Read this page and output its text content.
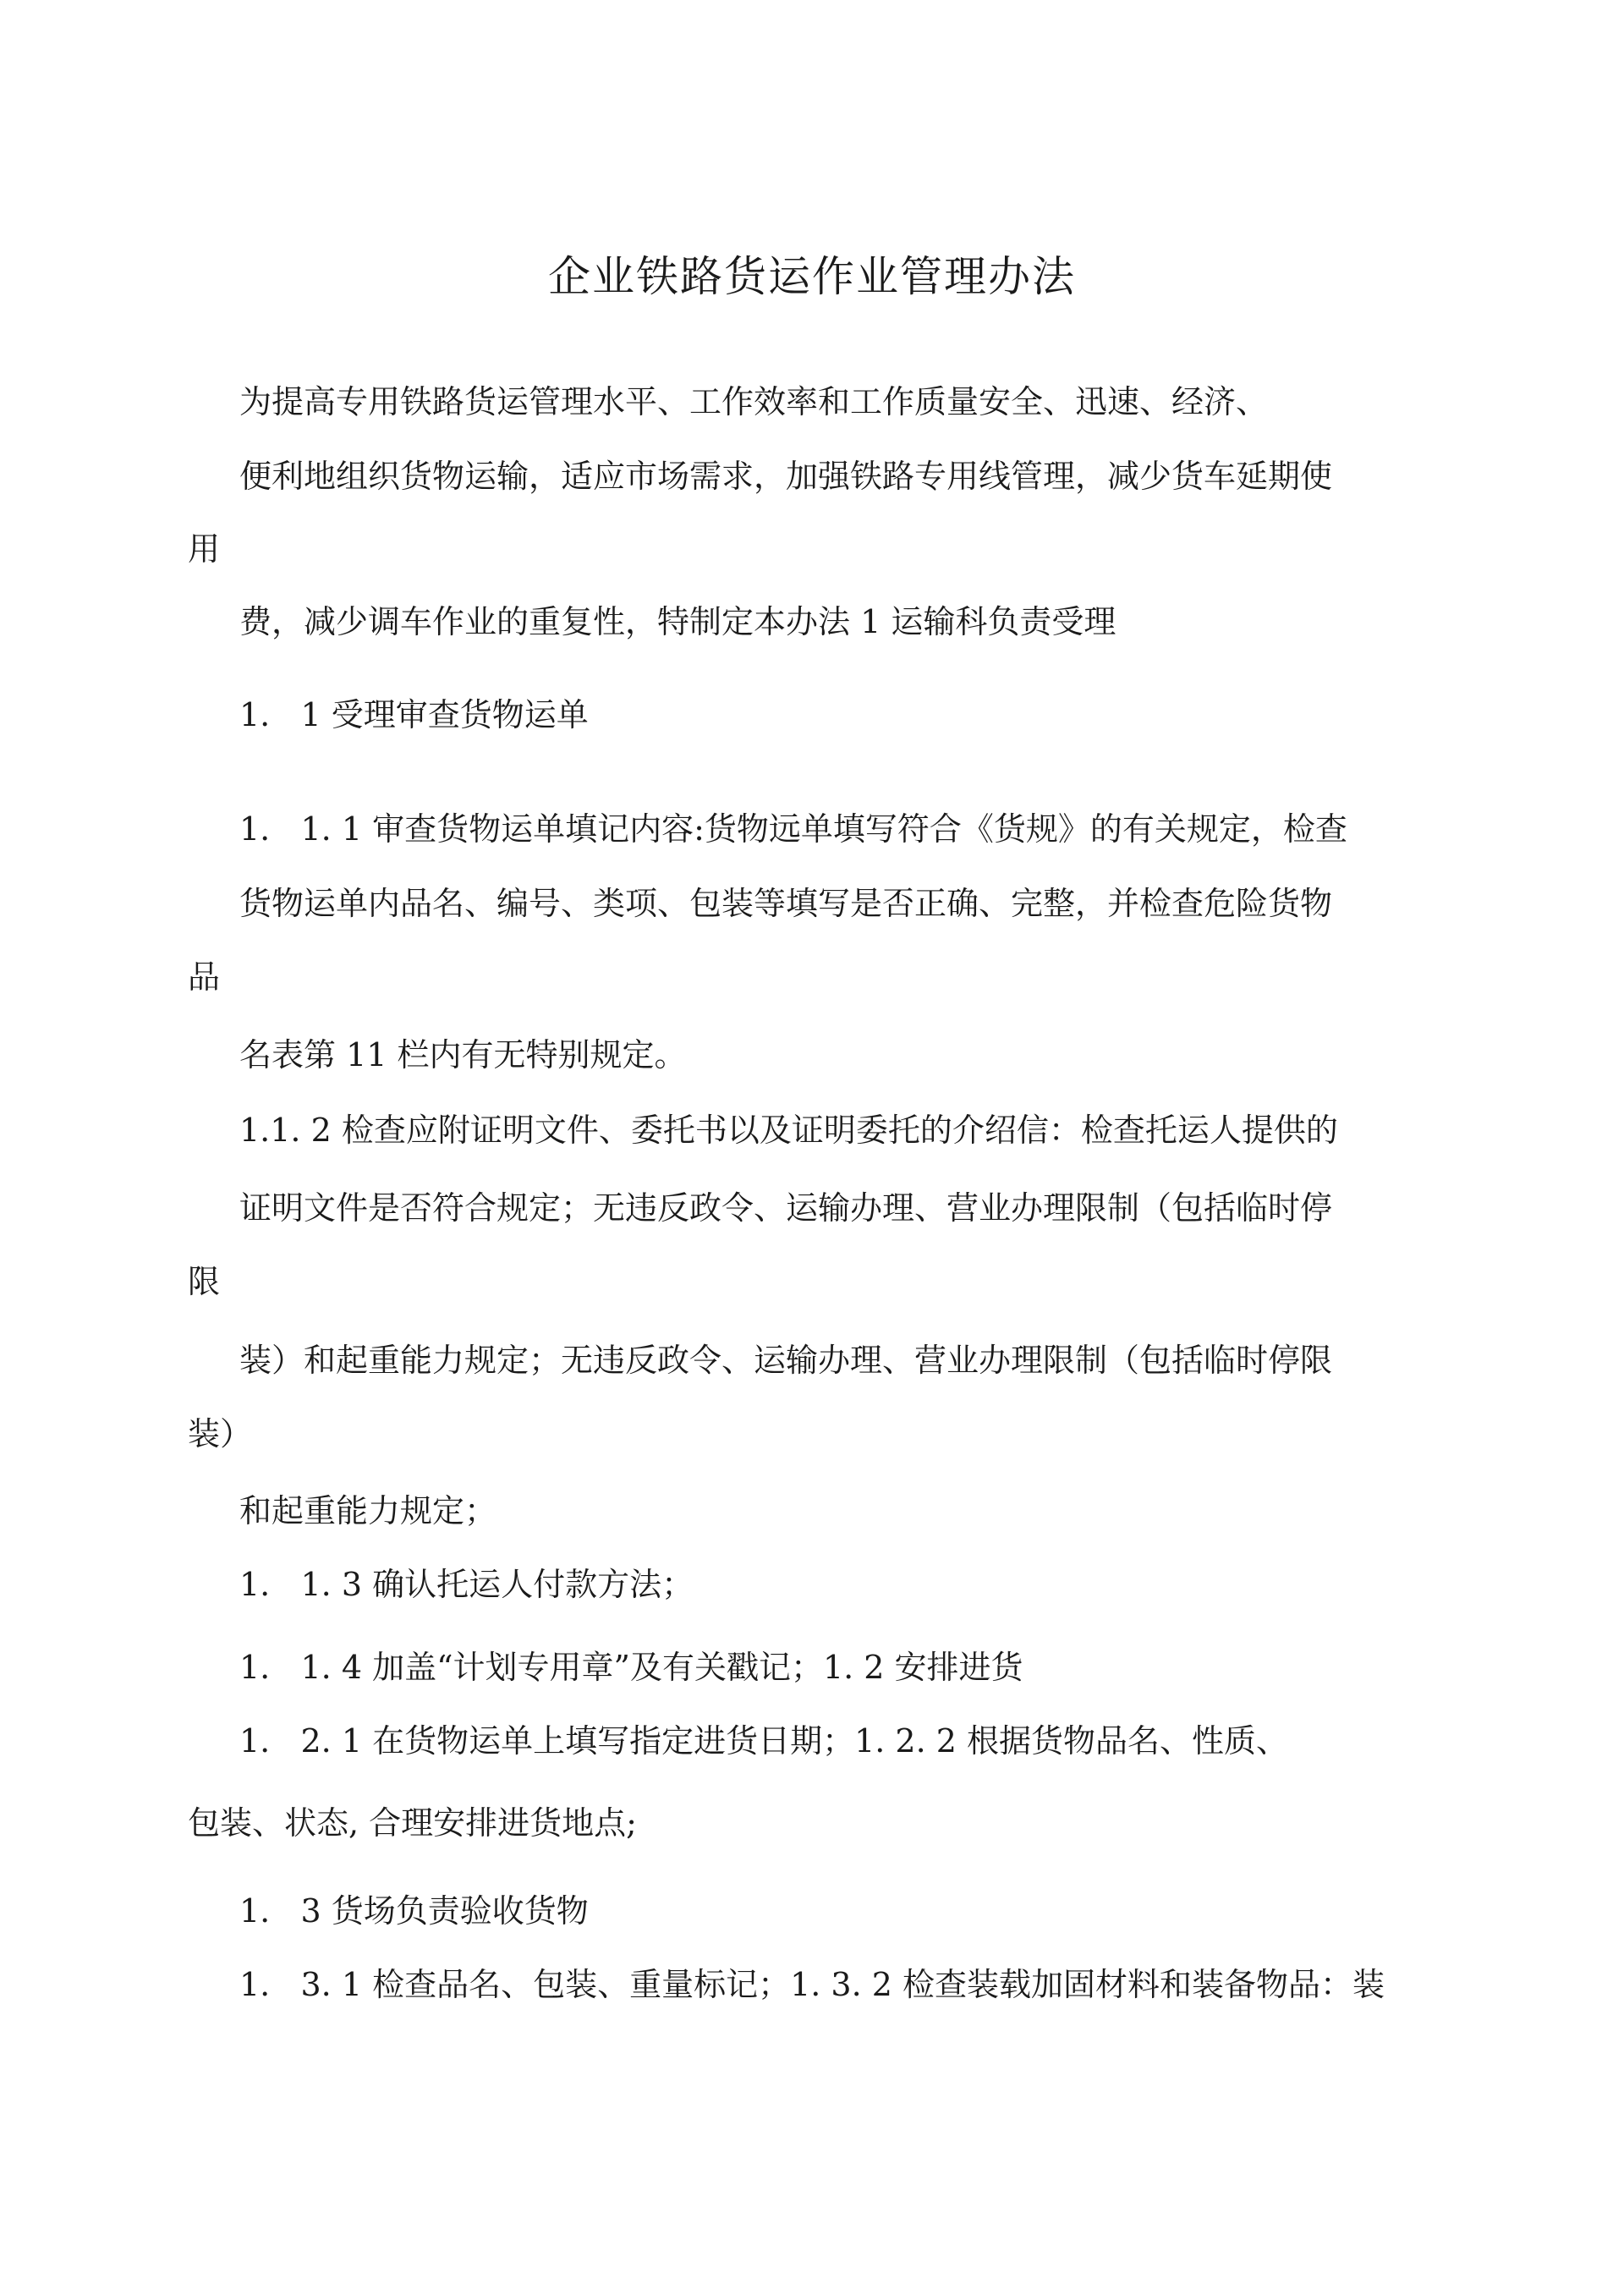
企业铁路货运作业管理办法

为提高专用铁路货运管理水平、工作效率和工作质量安全、迅速、经济、

便利地组织货物运输，适应市场需求，加强铁路专用线管理，减少货车延期使

用

费，减少调车作业的重复性，特制定本办法 1 运输科负责受理

1.   1 受理审查货物运单

1.   1. 1 审查货物运单填记内容:货物远单填写符合《货规》的有关规定，检查

货物运单内品名、编号、类项、包装等填写是否正确、完整，并检查危险货物

品

名表第 11 栏内有无特别规定。

1.1. 2 检查应附证明文件、委托书以及证明委托的介绍信：检查托运人提供的

证明文件是否符合规定；无违反政令、运输办理、营业办理限制（包括临时停

限

装）和起重能力规定；无违反政令、运输办理、营业办理限制（包括临时停限

装）

和起重能力规定；

1.   1. 3 确认托运人付款方法；

1.   1. 4 加盖“计划专用章”及有关戳记；1. 2 安排进货

1.   2. 1 在货物运单上填写指定进货日期；1. 2. 2 根据货物品名、性质、

包装、状态, 合理安排进货地点;

1.   3 货场负责验收货物

1.   3. 1 检查品名、包装、重量标记；1. 3. 2 检查装载加固材料和装备物品：装
